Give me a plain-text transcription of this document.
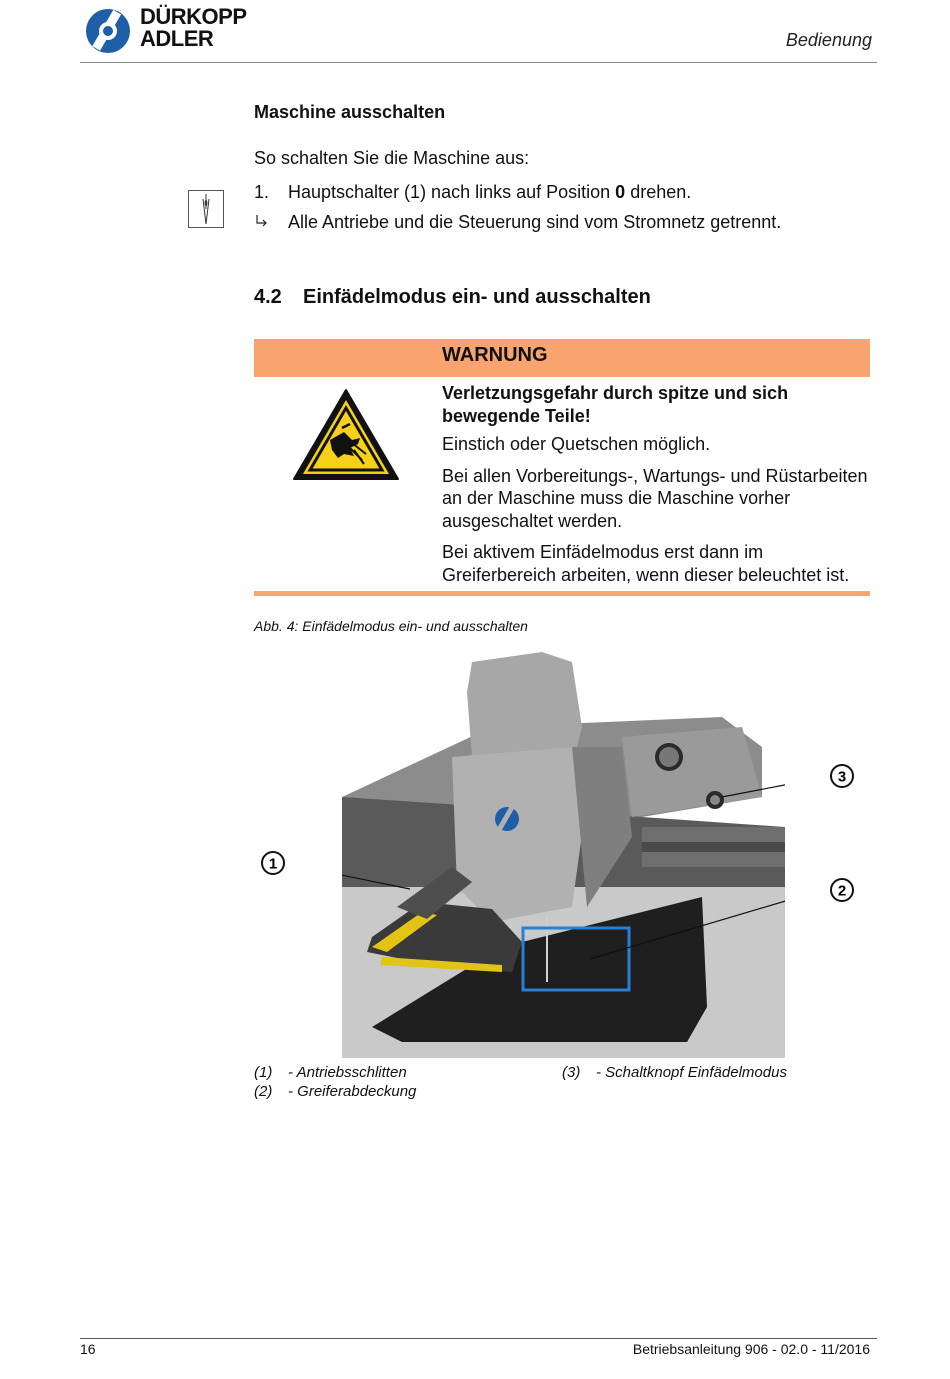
DÜRKOPP
ADLER	Bedienung
Maschine ausschalten
So schalten Sie die Maschine aus:
1. Hauptschalter (1) nach links auf Position 0 drehen.
Alle Antriebe und die Steuerung sind vom Stromnetz getrennt.
4.2 Einfädelmodus ein- und ausschalten
WARNUNG

Verletzungsgefahr durch spitze und sich bewegende Teile!

Einstich oder Quetschen möglich.

Bei allen Vorbereitungs-, Wartungs- und Rüstarbeiten an der Maschine muss die Maschine vorher ausgeschaltet werden.

Bei aktivem Einfädelmodus erst dann im Greiferbereich arbeiten, wenn dieser beleuchtet ist.

Abb. 4: Einfädelmodus ein- und ausschalten
1
2
3
(1) - Antriebsschlitten
(2) - Greiferabdeckung
(3) - Schaltknopf Einfädelmodus
16	Betriebsanleitung 906 - 02.0 - 11/2016
